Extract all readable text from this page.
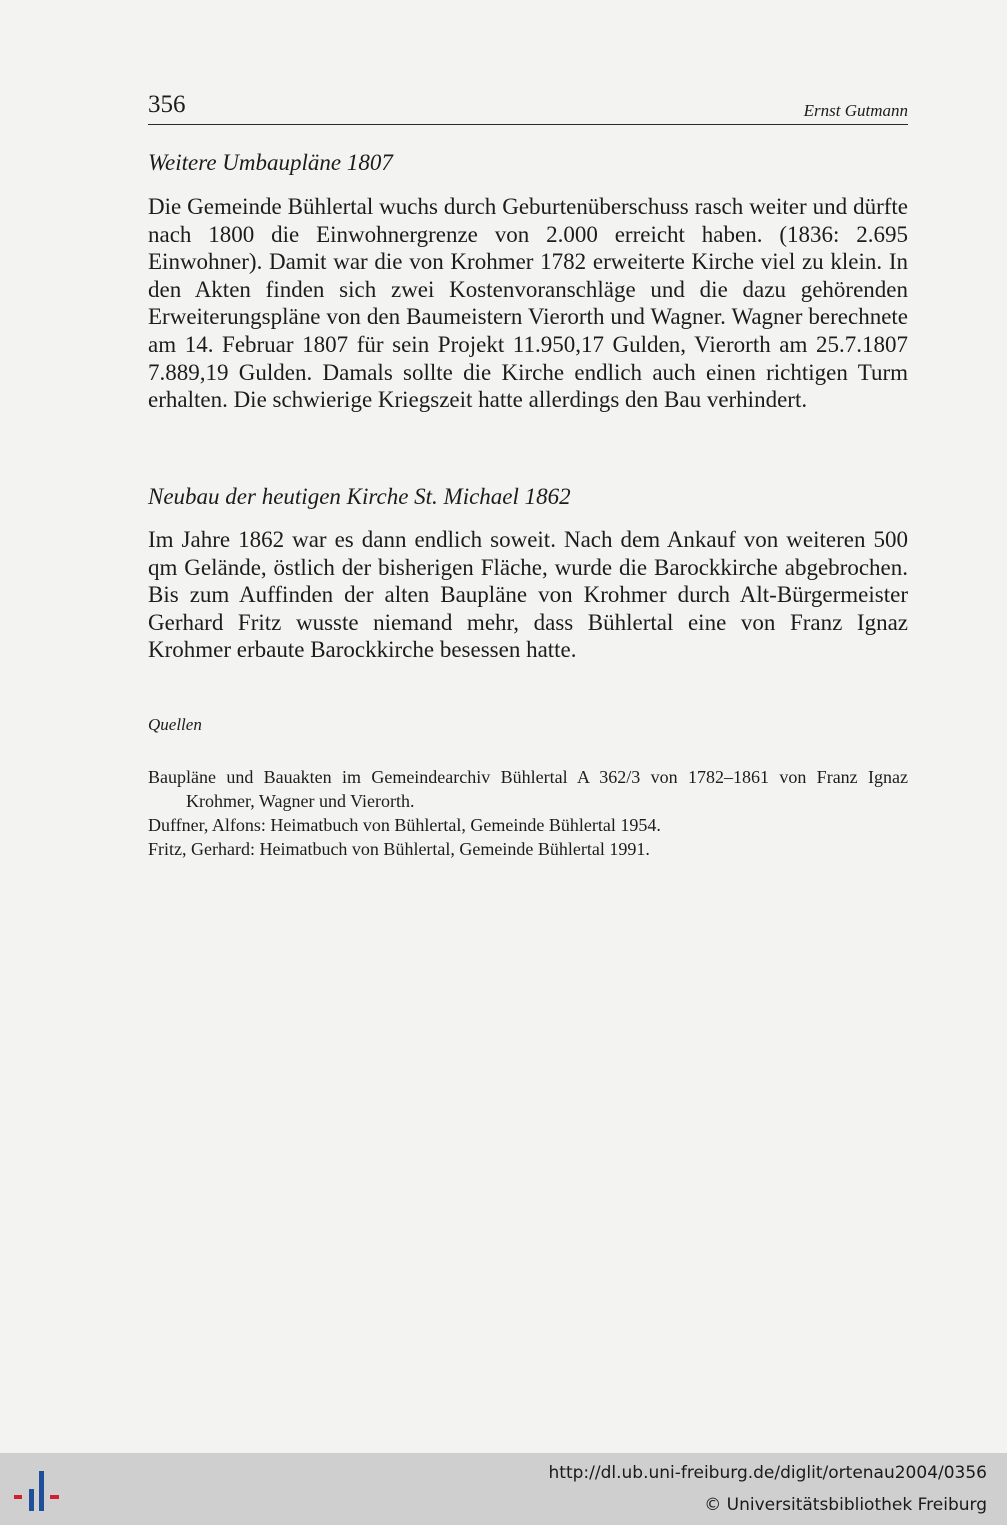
356	Ernst Gutmann
Weitere Umbaupläne 1807

Die Gemeinde Bühlertal wuchs durch Geburtenüberschuss rasch weiter und dürfte nach 1800 die Einwohnergrenze von 2.000 erreicht haben. (1836: 2.695 Einwohner). Damit war die von Krohmer 1782 erweiterte Kirche viel zu klein. In den Akten finden sich zwei Kostenvoranschläge und die dazu gehörenden Erweiterungspläne von den Baumeistern Vierorth und Wagner. Wagner berechnete am 14. Februar 1807 für sein Projekt 11.950,17 Gulden, Vierorth am 25.7.1807 7.889,19 Gulden. Damals sollte die Kirche endlich auch einen richtigen Turm erhalten. Die schwierige Kriegszeit hatte allerdings den Bau verhindert.

Neubau der heutigen Kirche St. Michael 1862

Im Jahre 1862 war es dann endlich soweit. Nach dem Ankauf von weiteren 500 qm Gelände, östlich der bisherigen Fläche, wurde die Barockkirche abgebrochen. Bis zum Auffinden der alten Baupläne von Krohmer durch Alt-Bürgermeister Gerhard Fritz wusste niemand mehr, dass Bühlertal eine von Franz Ignaz Krohmer erbaute Barockkirche besessen hatte.

Quellen
Baupläne und Bauakten im Gemeindearchiv Bühlertal A 362/3 von 1782–1861 von Franz Ignaz Krohmer, Wagner und Vierorth.
Duffner, Alfons: Heimatbuch von Bühlertal, Gemeinde Bühlertal 1954.
Fritz, Gerhard: Heimatbuch von Bühlertal, Gemeinde Bühlertal 1991.
http://dl.ub.uni-freiburg.de/diglit/ortenau2004/0356
© Universitätsbibliothek Freiburg
